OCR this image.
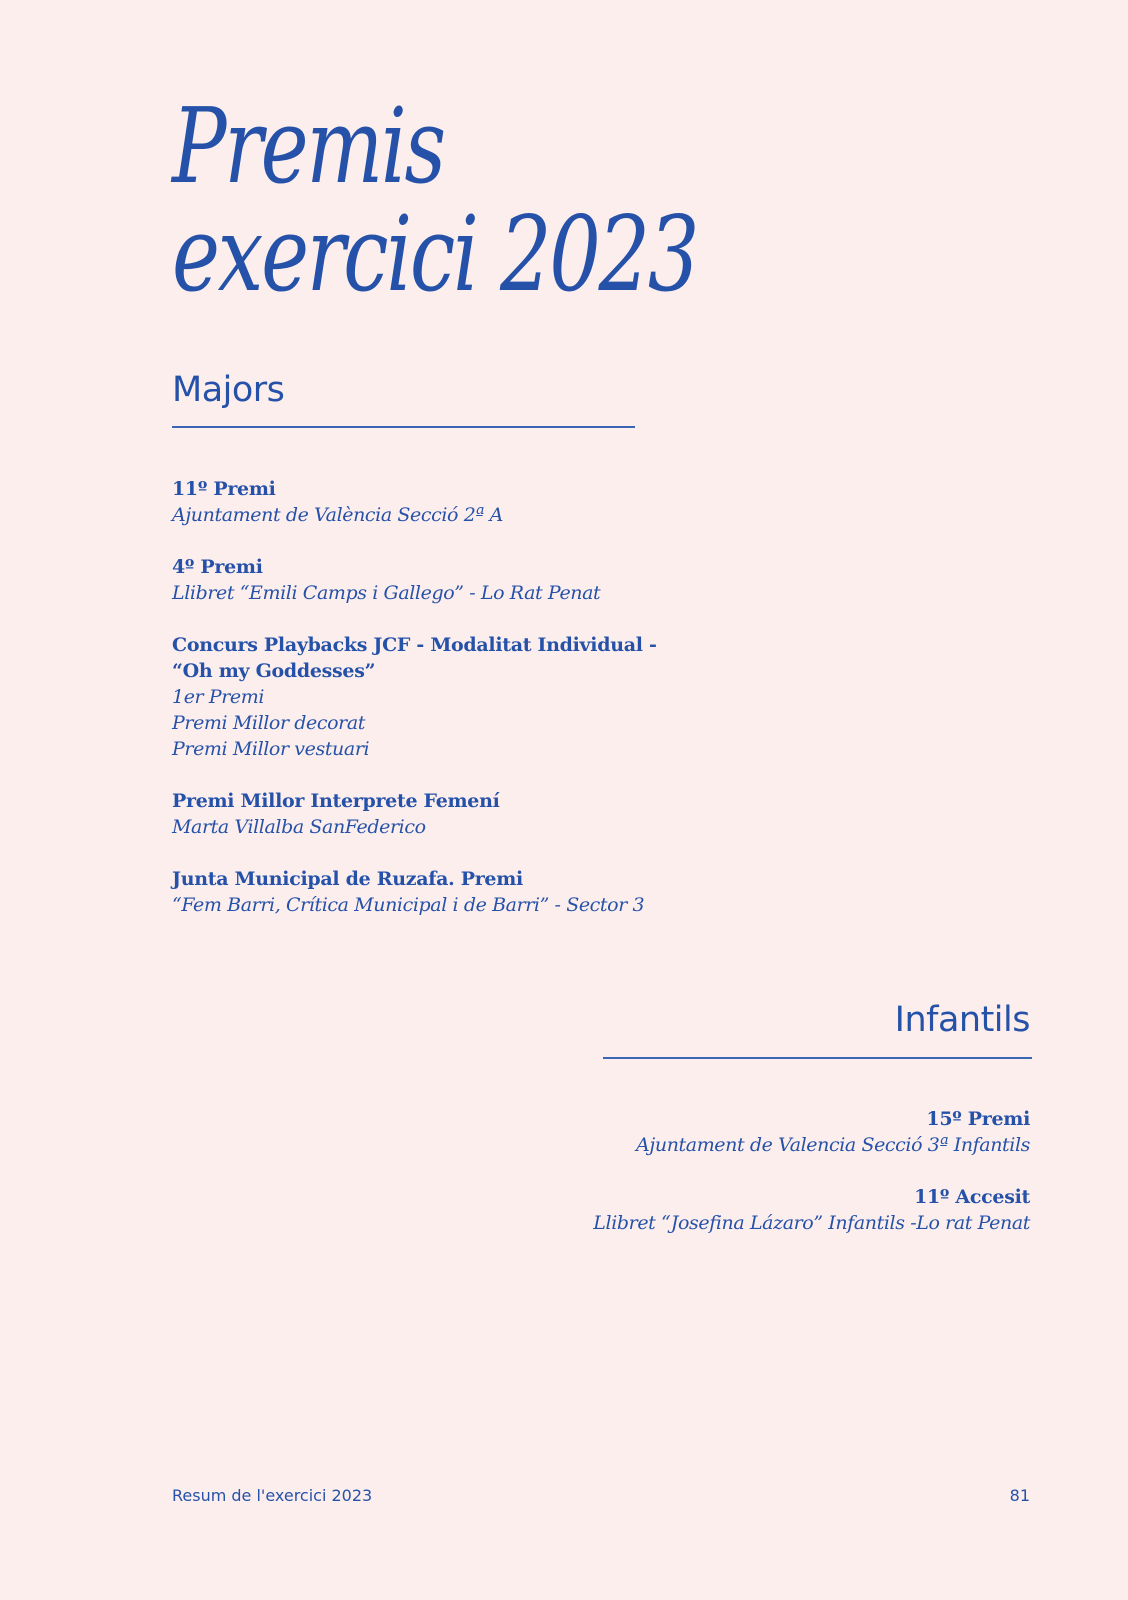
Premis
exercici 2023
Majors
11º Premi
Ajuntament de València Secció 2ª A
4º Premi
Llibret “Emili Camps i Gallego” - Lo Rat Penat
Concurs Playbacks JCF - Modalitat Individual -
“Oh my Goddesses”
1er Premi
Premi Millor decorat
Premi Millor vestuari
Premi Millor Interprete Femení
Marta Villalba SanFederico
Junta Municipal de Ruzafa. Premi
“Fem Barri, Crítica Municipal i de Barri” - Sector 3
Infantils
15º Premi
Ajuntament de Valencia Secció 3ª Infantils
11º Accesit
Llibret “Josefina Lázaro” Infantils -Lo rat Penat
Resum de l'exercici 2023	81
